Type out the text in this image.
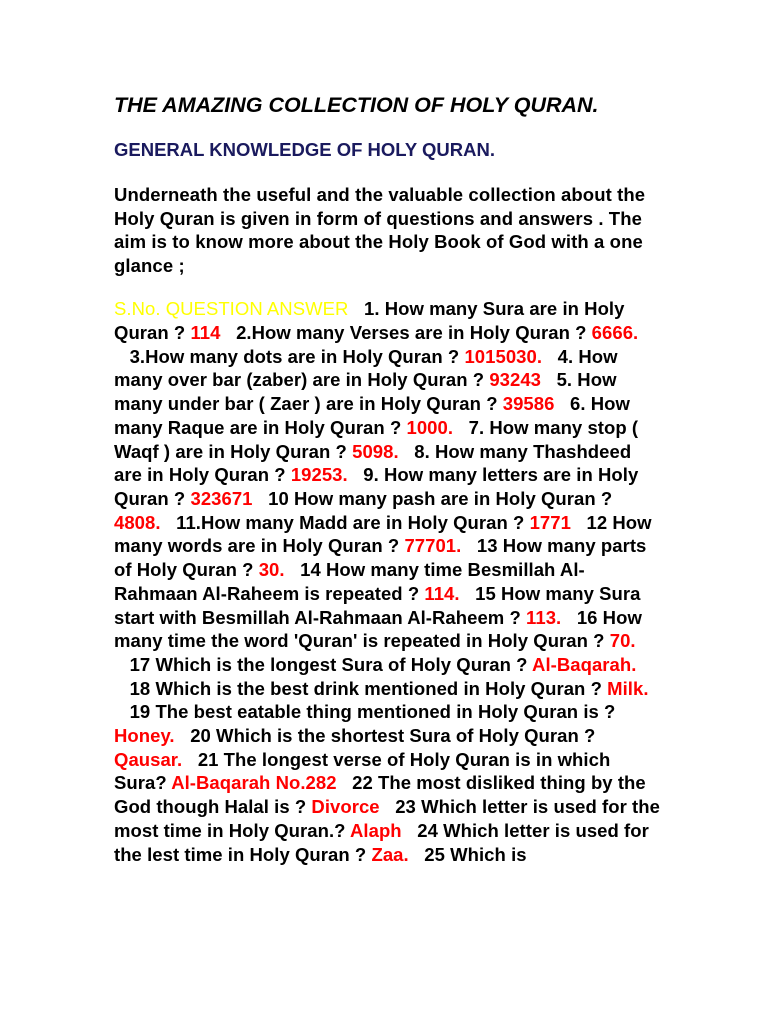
THE AMAZING COLLECTION OF HOLY QURAN.
GENERAL KNOWLEDGE OF HOLY QURAN.

Underneath the useful and the valuable collection about the Holy Quran is given in form of questions and answers . The aim is to know more about the Holy Book of God with a one glance ;

S.No. QUESTION ANSWER 1. How many Sura are in Holy Quran ? 114 2.How many Verses are in Holy Quran ? 6666.   3.How many dots are in Holy Quran ? 1015030. 4. How many over bar (zaber) are in Holy Quran ? 93243 5. How many under bar ( Zaer ) are in Holy Quran ? 39586 6. How many Raque are in Holy Quran ? 1000. 7. How many stop ( Waqf ) are in Holy Quran ? 5098. 8. How many Thashdeed are in Holy Quran ? 19253. 9. How many letters are in Holy Quran ? 323671 10 How many pash are in Holy Quran ? 4808. 11.How many Madd are in Holy Quran ? 1771 12 How many words are in Holy Quran ? 77701. 13 How many parts of Holy Quran ? 30. 14 How many time Besmillah Al-Rahmaan Al-Raheem is repeated ? 114. 15 How many Sura start with Besmillah Al-Rahmaan Al-Raheem ? 113. 16 How many time the word 'Quran' is repeated in Holy Quran ? 70.   17 Which is the longest Sura of Holy Quran ? Al-Baqarah.   18 Which is the best drink mentioned in Holy Quran ? Milk.   19 The best eatable thing mentioned in Holy Quran is ? Honey. 20 Which is the shortest Sura of Holy Quran ? Qausar. 21 The longest verse of Holy Quran is in which Sura? Al-Baqarah No.282 22 The most disliked thing by the God though Halal is ? Divorce 23 Which letter is used for the most time in Holy Quran.? Alaph 24 Which letter is used for the lest time in Holy Quran ? Zaa. 25 Which is
